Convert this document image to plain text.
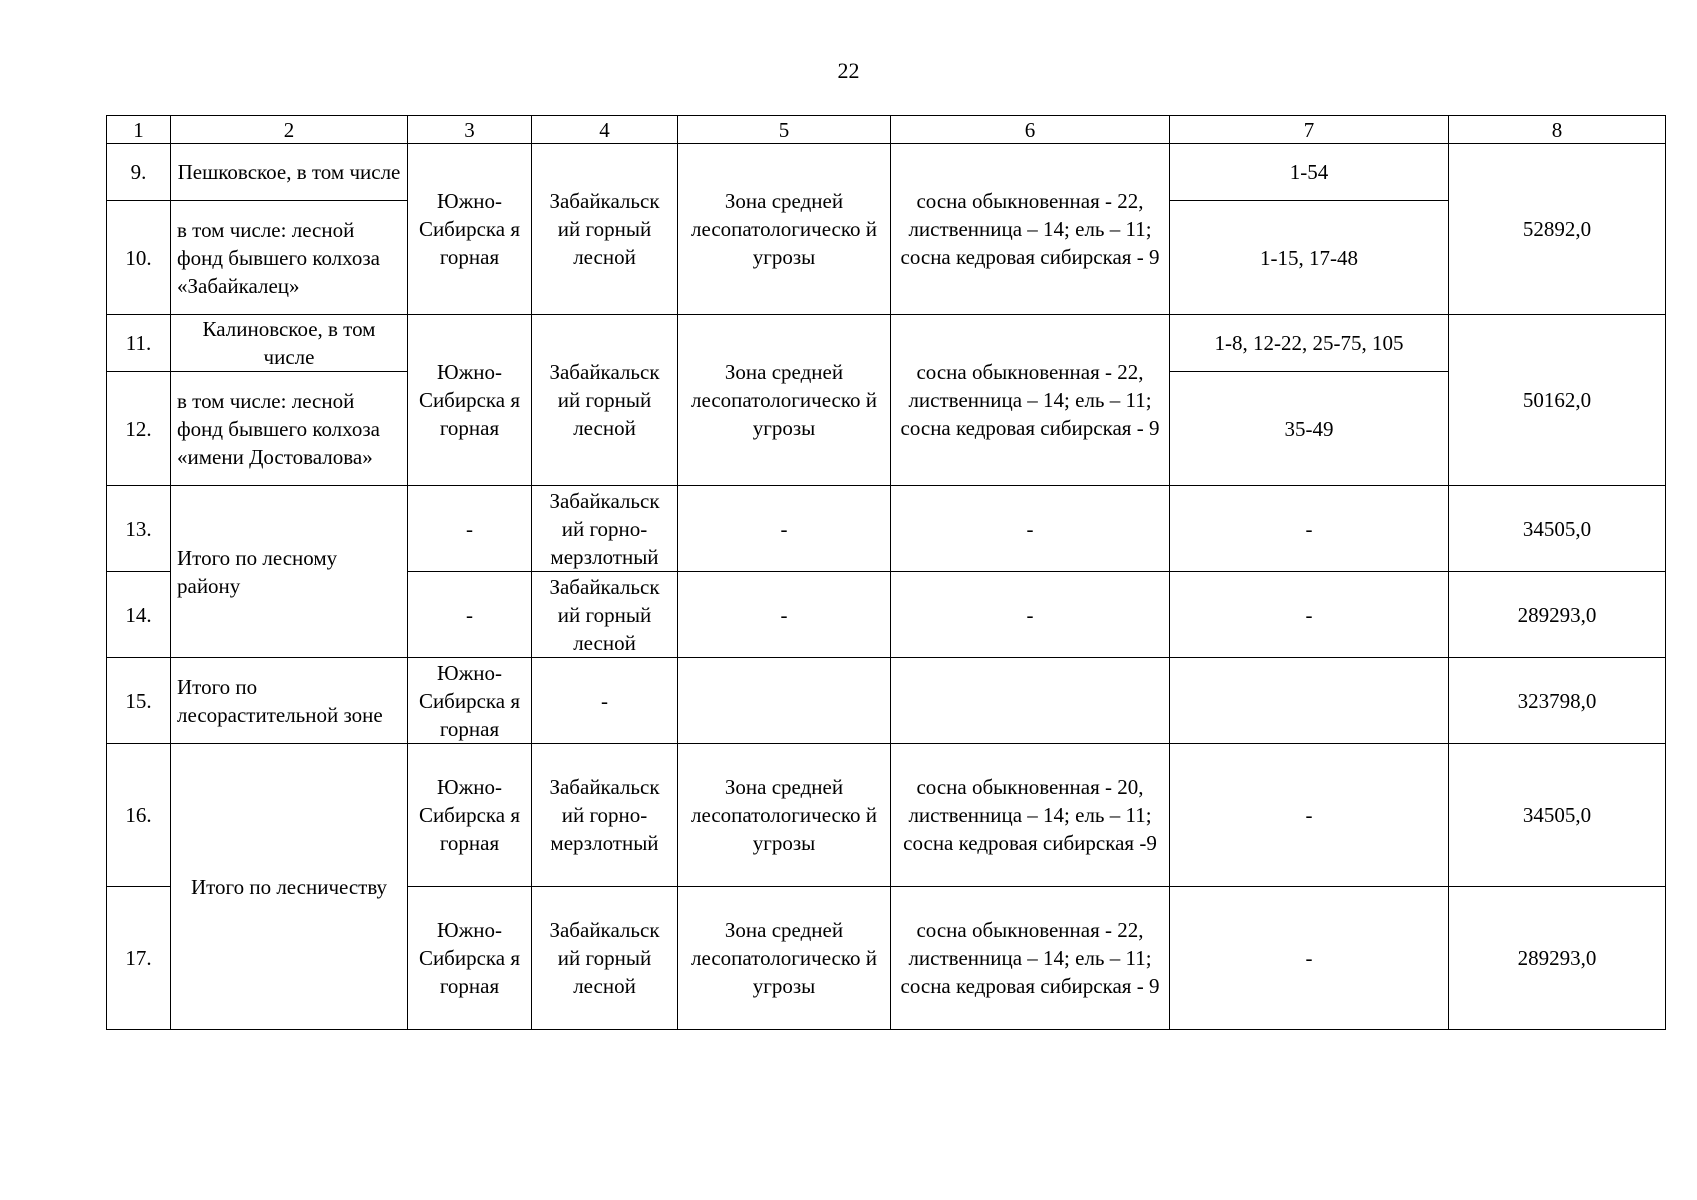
22
1	2	3	4	5	6	7	8
9.	Пешковское, в том числе	Южно-Сибирска я горная	Забайкальск ий горный лесной	Зона средней лесопатологическо й угрозы	сосна обыкновенная - 22, лиственница – 14; ель – 11; сосна кедровая сибирская - 9	1-54	52892,0
10.	в том числе: лесной фонд бывшего колхоза «Забайкалец»					1-15, 17-48	
11.	Калиновское, в том числе	Южно-Сибирска я горная	Забайкальск ий горный лесной	Зона средней лесопатологическо й угрозы	сосна обыкновенная - 22, лиственница – 14; ель – 11; сосна кедровая сибирская - 9	1-8, 12-22, 25-75, 105	50162,0
12.	в том числе: лесной фонд бывшего колхоза «имени Достовалова»					35-49	
13.	Итого по лесному району	-	Забайкальск ий горно-мерзлотный	-	-	-	34505,0
14.		-	Забайкальск ий горный лесной	-	-	-	289293,0
15.	Итого по лесорастительной зоне	Южно-Сибирска я горная	-				323798,0
16.	Итого по лесничеству	Южно-Сибирска я горная	Забайкальск ий горно-мерзлотный	Зона средней лесопатологическо й угрозы	сосна обыкновенная - 20, лиственница – 14; ель – 11; сосна кедровая сибирская -9	-	34505,0
17.		Южно-Сибирска я горная	Забайкальск ий горный лесной	Зона средней лесопатологическо й угрозы	сосна обыкновенная - 22, лиственница – 14; ель – 11; сосна кедровая сибирская - 9	-	289293,0
